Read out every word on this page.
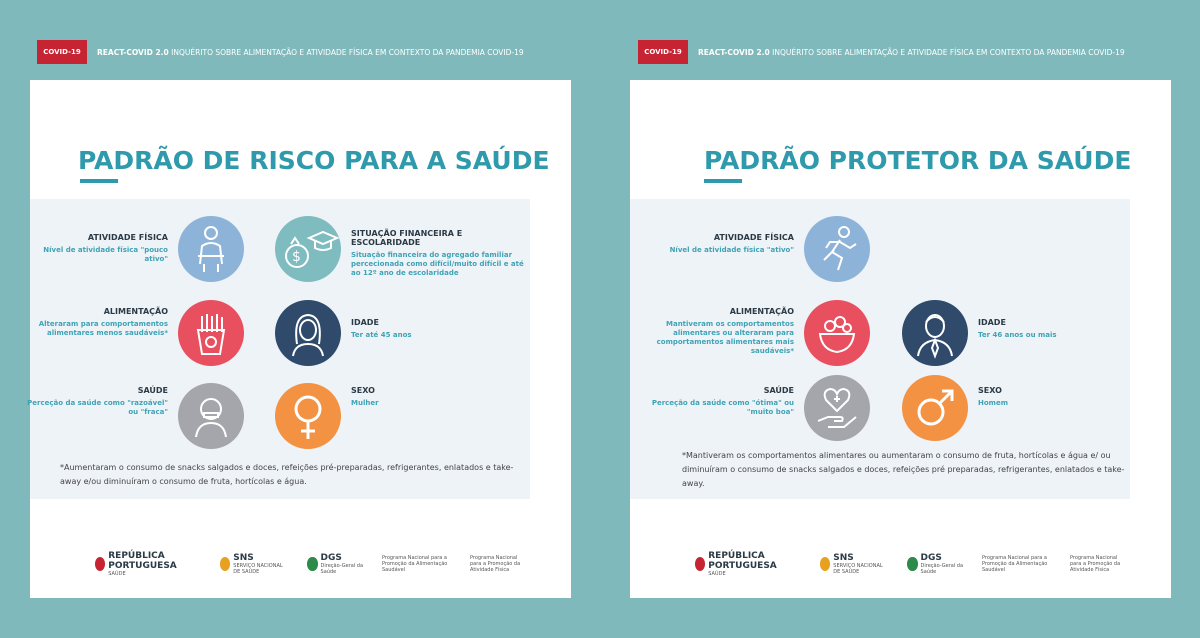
COVID-19	REACT-COVID 2.0 INQUÉRITO SOBRE ALIMENTAÇÃO E ATIVIDADE FÍSICA EM CONTEXTO DA PANDEMIA COVID-19	COVID-19	REACT-COVID 2.0 INQUÉRITO SOBRE ALIMENTAÇÃO E ATIVIDADE FÍSICA EM CONTEXTO DA PANDEMIA COVID-19
PADRÃO DE RISCO PARA A SAÚDE
ATIVIDADE FÍSICA
Nível de atividade física "pouco ativo"	$
SITUAÇÃO FINANCEIRA E ESCOLARIDADE
Situação financeira do agregado familiar percecionada como difícil/muito difícil e até ao 12º ano de escolaridade
ALIMENTAÇÃO
Alteraram para comportamentos alimentares menos saudáveis*
IDADE
Ter até 45 anos
SAÚDE
Perceção da saúde como "razoável" ou "fraca"
SEXO
Mulher
*Aumentaram o consumo de snacks salgados e doces, refeições pré-preparadas, refrigerantes, enlatados e take-away e/ou diminuíram o consumo de fruta, hortícolas e água.
REPÚBLICA PORTUGUESA
SAÚDE
SNS
SERVIÇO NACIONAL DE SAÚDE
DGS
Direção-Geral da Saúde
Programa Nacional para a Promoção da Alimentação Saudável
Programa Nacional para a Promoção da Atividade Física
PADRÃO PROTETOR DA SAÚDE
ATIVIDADE FÍSICA
Nível de atividade física "ativo"
ALIMENTAÇÃO
Mantiveram os comportamentos alimentares ou alteraram para comportamentos alimentares mais saudáveis*
IDADE
Ter 46 anos ou mais
SAÚDE
Perceção da saúde como "ótima" ou "muito boa"
SEXO
Homem
*Mantiveram os comportamentos alimentares ou aumentaram o consumo de fruta, hortícolas e água e/ ou diminuíram o consumo de snacks salgados e doces, refeições pré preparadas, refrigerantes, enlatados e take-away.
REPÚBLICA PORTUGUESA
SAÚDE
SNS
SERVIÇO NACIONAL DE SAÚDE
DGS
Direção-Geral da Saúde
Programa Nacional para a Promoção da Alimentação Saudável
Programa Nacional para a Promoção da Atividade Física
